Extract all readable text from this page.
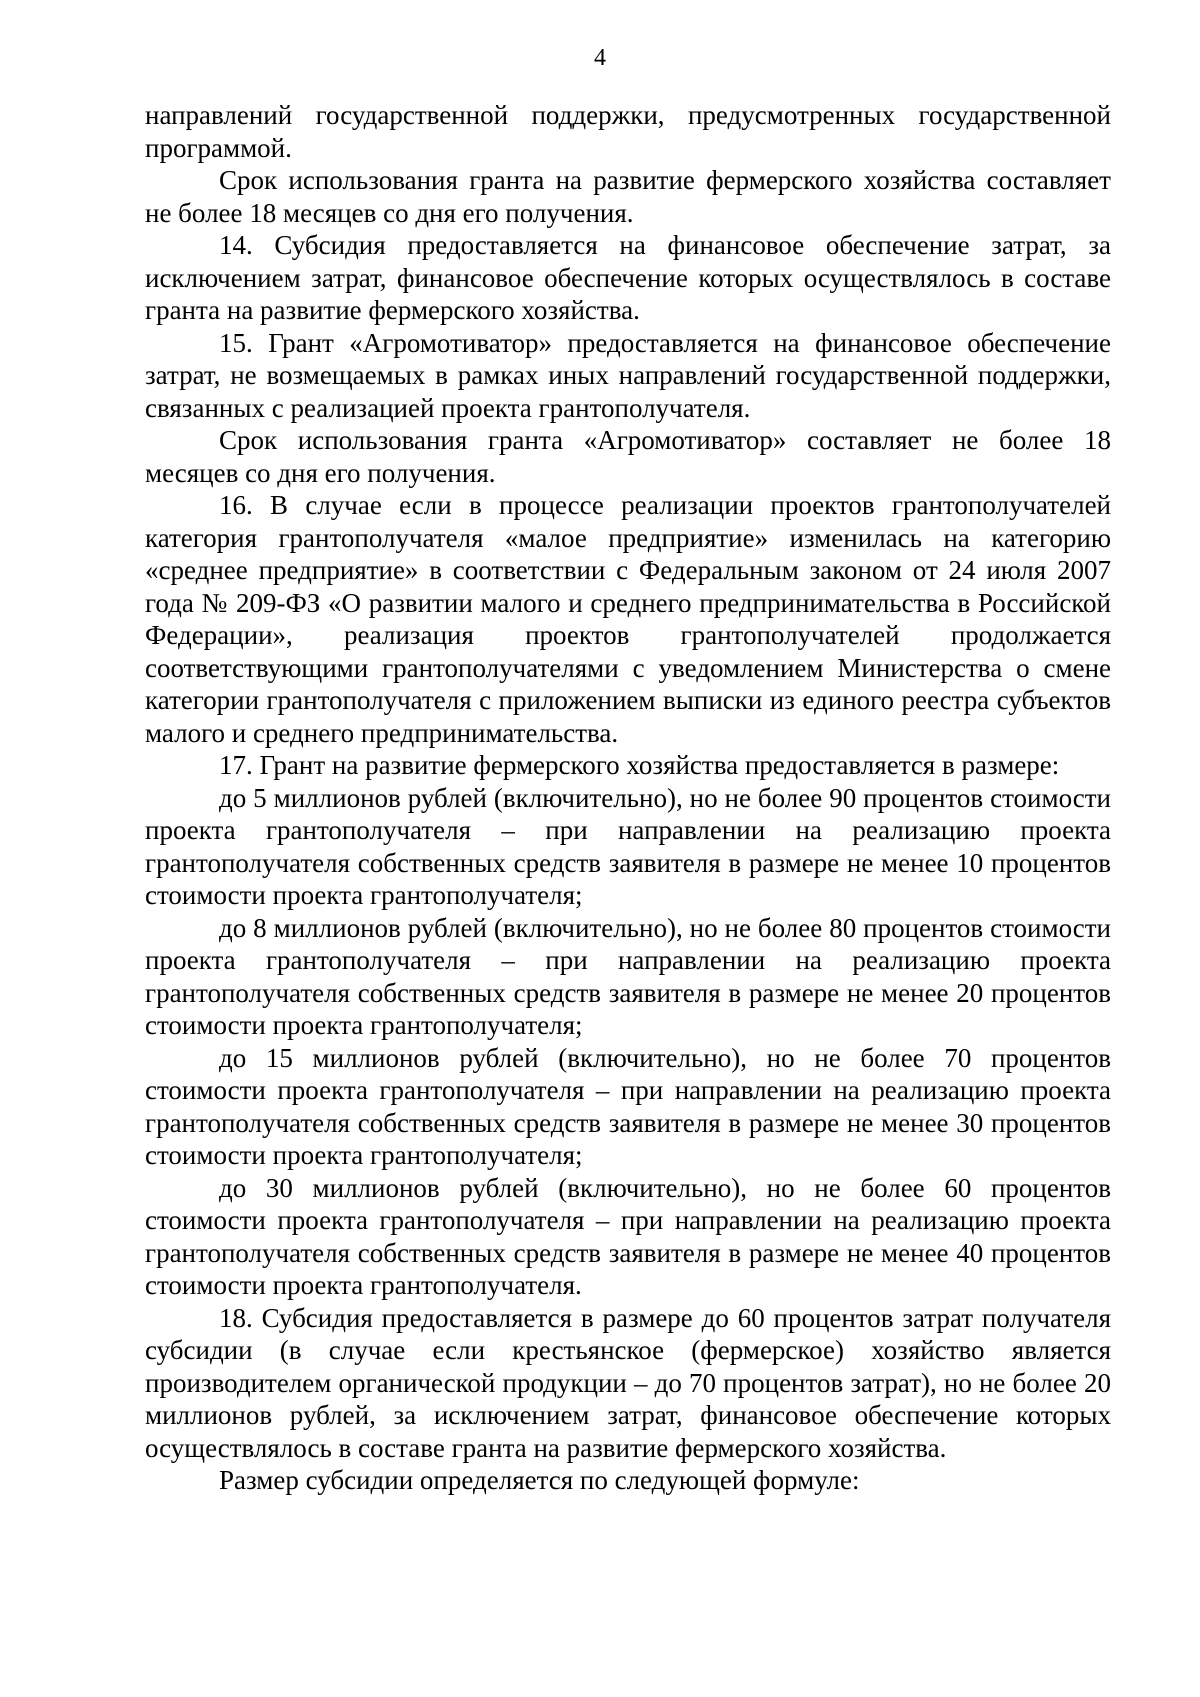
4

направлений государственной поддержки, предусмотренных государственной программой.

Срок использования гранта на развитие фермерского хозяйства составляет не более 18 месяцев со дня его получения.

14. Субсидия предоставляется на финансовое обеспечение затрат, за исключением затрат, финансовое обеспечение которых осуществлялось в составе гранта на развитие фермерского хозяйства.

15. Грант «Агромотиватор» предоставляется на финансовое обеспечение затрат, не возмещаемых в рамках иных направлений государственной поддержки, связанных с реализацией проекта грантополучателя.

Срок использования гранта «Агромотиватор» составляет не более 18 месяцев со дня его получения.

16. В случае если в процессе реализации проектов грантополучателей категория грантополучателя «малое предприятие» изменилась на категорию «среднее предприятие» в соответствии с Федеральным законом от 24 июля 2007 года № 209-ФЗ «О развитии малого и среднего предпринимательства в Российской Федерации», реализация проектов грантополучателей продолжается соответствующими грантополучателями с уведомлением Министерства о смене категории грантополучателя с приложением выписки из единого реестра субъектов малого и среднего предпринимательства.

17. Грант на развитие фермерского хозяйства предоставляется в размере:

до 5 миллионов рублей (включительно), но не более 90 процентов стоимости проекта грантополучателя – при направлении на реализацию проекта грантополучателя собственных средств заявителя в размере не менее 10 процентов стоимости проекта грантополучателя;

до 8 миллионов рублей (включительно), но не более 80 процентов стоимости проекта грантополучателя – при направлении на реализацию проекта грантополучателя собственных средств заявителя в размере не менее 20 процентов стоимости проекта грантополучателя;

до 15 миллионов рублей (включительно), но не более 70 процентов стоимости проекта грантополучателя – при направлении на реализацию проекта грантополучателя собственных средств заявителя в размере не менее 30 процентов стоимости проекта грантополучателя;

до 30 миллионов рублей (включительно), но не более 60 процентов стоимости проекта грантополучателя – при направлении на реализацию проекта грантополучателя собственных средств заявителя в размере не менее 40 процентов стоимости проекта грантополучателя.

18. Субсидия предоставляется в размере до 60 процентов затрат получателя субсидии (в случае если крестьянское (фермерское) хозяйство является производителем органической продукции – до 70 процентов затрат), но не более 20 миллионов рублей, за исключением затрат, финансовое обеспечение которых осуществлялось в составе гранта на развитие фермерского хозяйства.

Размер субсидии определяется по следующей формуле:
